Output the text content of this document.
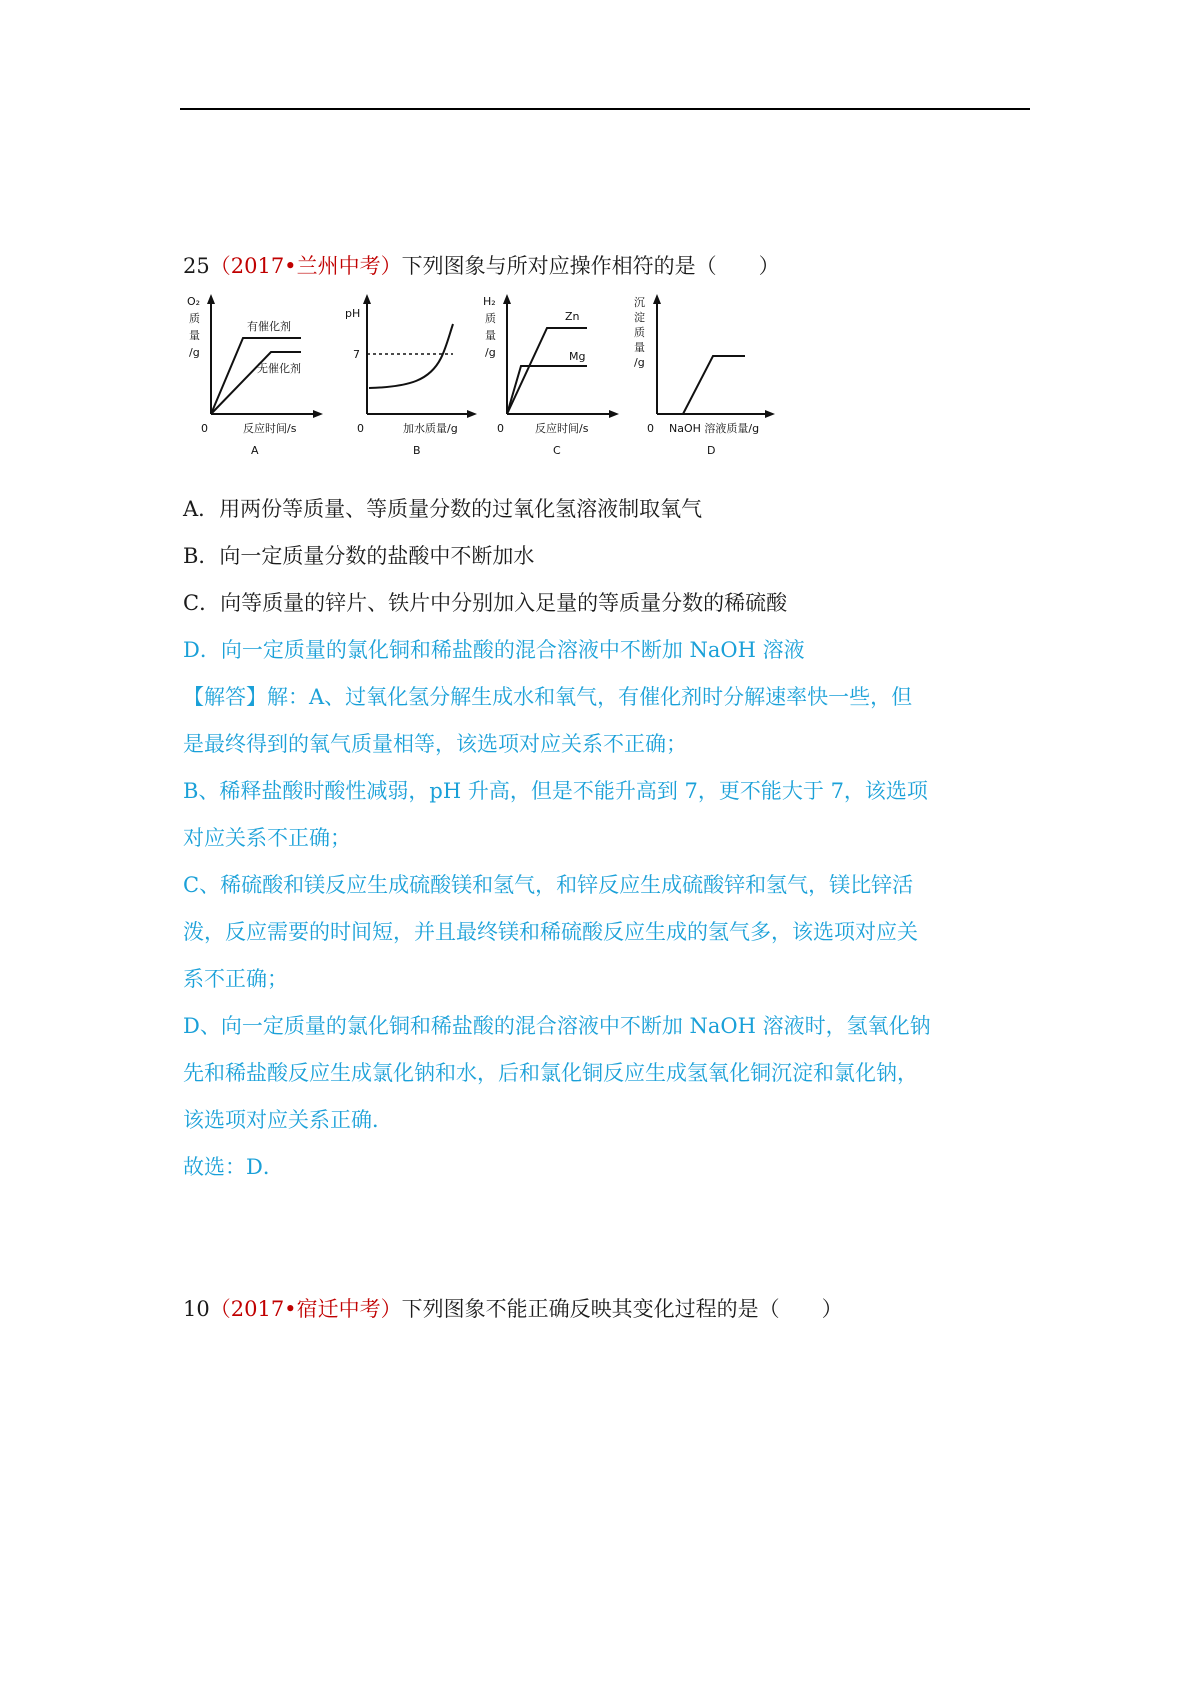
25（2017•兰州中考）下列图象与所对应操作相符的是（　　）
O₂
质
量
/g
有催化剂
无催化剂
0	反应时间/s
A
pH
7
0	加水质量/g
B
H₂
质
量
/g
Zn
Mg
0	反应时间/s
C
沉
淀
质
量
/g
0 NaOH 溶液质量/g
D
A．用两份等质量、等质量分数的过氧化氢溶液制取氧气
B．向一定质量分数的盐酸中不断加水
C．向等质量的锌片、铁片中分别加入足量的等质量分数的稀硫酸
D．向一定质量的氯化铜和稀盐酸的混合溶液中不断加 NaOH 溶液
【解答】解：A、过氧化氢分解生成水和氧气，有催化剂时分解速率快一些，但
是最终得到的氧气质量相等，该选项对应关系不正确；
B、稀释盐酸时酸性减弱，pH 升高，但是不能升高到 7，更不能大于 7，该选项
对应关系不正确；
C、稀硫酸和镁反应生成硫酸镁和氢气，和锌反应生成硫酸锌和氢气，镁比锌活
泼，反应需要的时间短，并且最终镁和稀硫酸反应生成的氢气多，该选项对应关
系不正确；
D、向一定质量的氯化铜和稀盐酸的混合溶液中不断加 NaOH 溶液时，氢氧化钠
先和稀盐酸反应生成氯化钠和水，后和氯化铜反应生成氢氧化铜沉淀和氯化钠，
该选项对应关系正确．
故选：D．
10（2017•宿迁中考）下列图象不能正确反映其变化过程的是（　　）
